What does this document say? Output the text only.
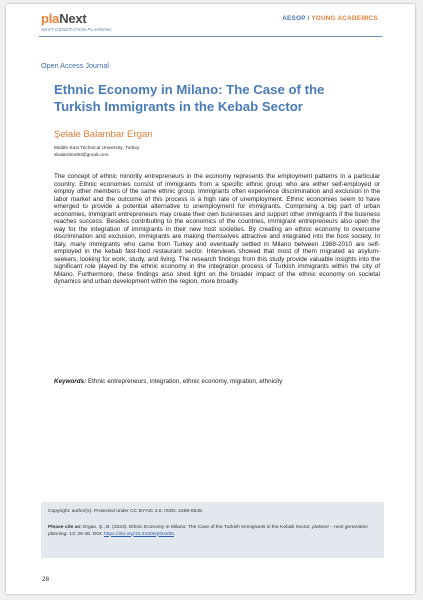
plaNext
NEXT GENERATION PLANNING
AESOP / YOUNG ACADEMICS
Open Access Journal
Ethnic Economy in Milano: The Case of the Turkish Immigrants in the Kebab Sector
Şelale Balambar Ergan
Middle East Technical University, Turkey
sbalambar90@gmail.com
The concept of ethnic minority entrepreneurs in the economy represents the employment patterns in a particular country. Ethnic economies consist of immigrants from a specific ethnic group who are either self-employed or employ other members of the same ethnic group. Immigrants often experience discrimination and exclusion in the labor market and the outcome of this process is a high rate of unemployment. Ethnic economies seem to have emerged to provide a potential alternative to unemployment for immigrants. Comprising a big part of urban economies, immigrant entrepreneurs may create their own businesses and support other immigrants if the business reaches success. Besides contributing to the economics of the countries, immigrant entrepreneurs also open the way for the integration of immigrants in their new host societies. By creating an ethnic economy to overcome discrimination and exclusion, immigrants are making themselves attractive and integrated into the host society. In Italy, many immigrants who came from Turkey and eventually settled in Milano between 1988-2010 are self-employed in the kebab fast-food restaurant sector. Interviews showed that most of them migrated as asylum-seekers, looking for work, study, and living. The research findings from this study provide valuable insights into the significant role played by the ethnic economy in the integration process of Turkish immigrants within the city of Milano. Furthermore, these findings also shed light on the broader impact of the ethnic economy on societal dynamics and urban development within the region, more broadly.
Keywords: Ethnic entrepreneurs, integration, ethnic economy, migration, ethnicity
Copyright: author(s). Protected under CC BY-NC 4.0. ISSN: 2468-0648.
Please cite as: Ergan, Ş., B. (2023). Ethnic Economy in Milano: The Case of the Turkish Immigrants in the Kebab Sector, plaNext – next generation planning. 13: 28-46. DOI: https://doi.org/10.24306/plnxt/85.
28
